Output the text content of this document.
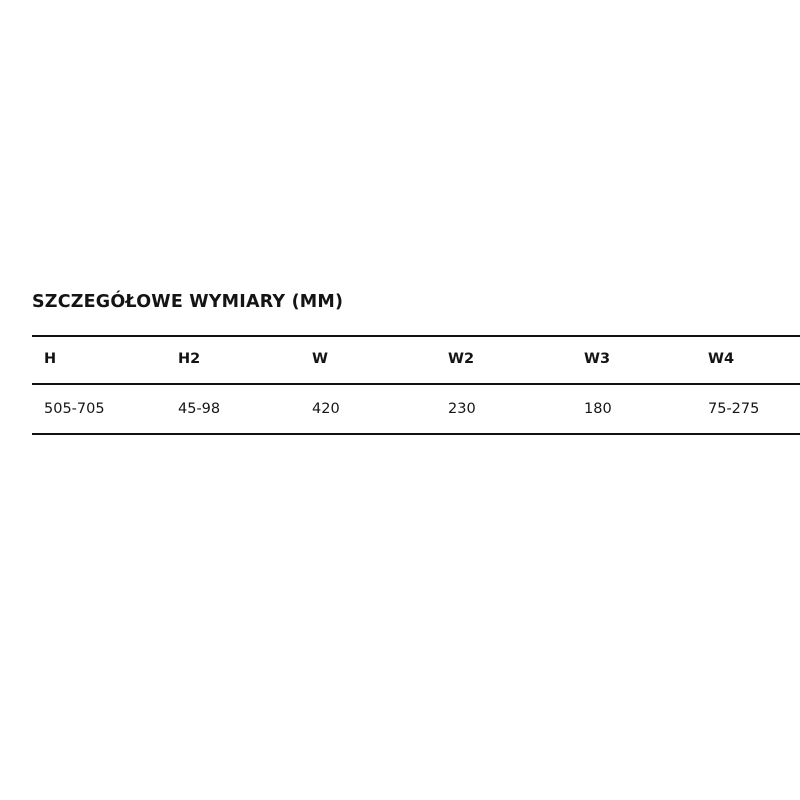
SZCZEGÓŁOWE WYMIARY (MM)
H	H2	W	W2	W3	W4
505-705	45-98	420	230	180	75-275
